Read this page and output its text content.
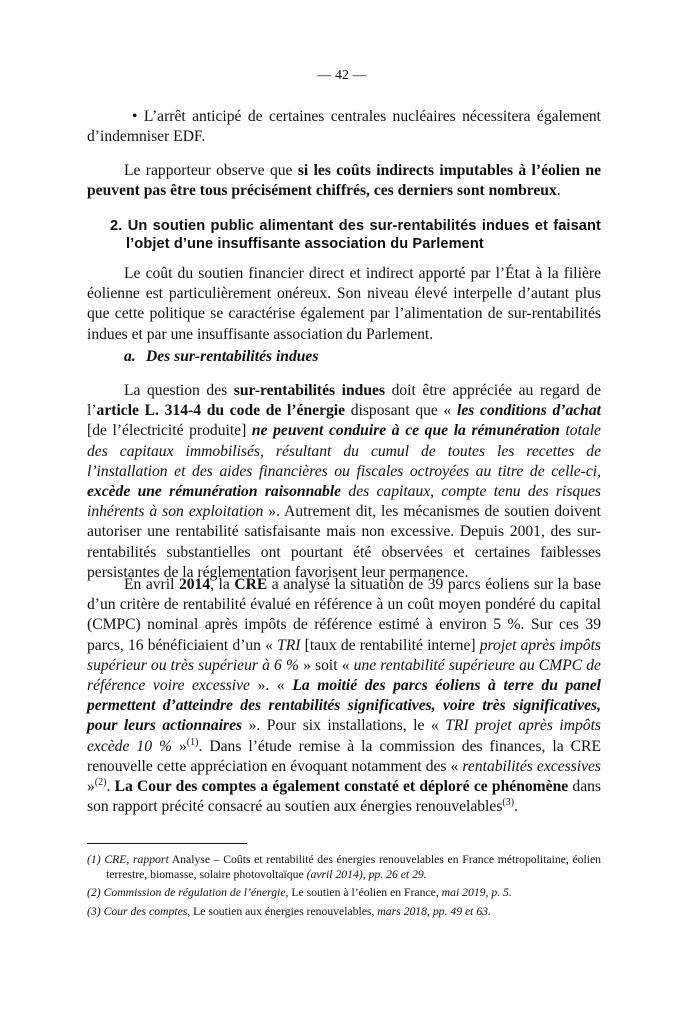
— 42 —

• L’arrêt anticipé de certaines centrales nucléaires nécessitera également d’indemniser EDF.

Le rapporteur observe que si les coûts indirects imputables à l’éolien ne peuvent pas être tous précisément chiffrés, ces derniers sont nombreux.

2. Un soutien public alimentant des sur-rentabilités indues et faisant l’objet d’une insuffisante association du Parlement

Le coût du soutien financier direct et indirect apporté par l’État à la filière éolienne est particulièrement onéreux. Son niveau élevé interpelle d’autant plus que cette politique se caractérise également par l’alimentation de sur-rentabilités indues et par une insuffisante association du Parlement.

a. Des sur-rentabilités indues

La question des sur-rentabilités indues doit être appréciée au regard de l’article L. 314-4 du code de l’énergie disposant que « les conditions d’achat [de l’électricité produite] ne peuvent conduire à ce que la rémunération totale des capitaux immobilisés, résultant du cumul de toutes les recettes de l’installation et des aides financières ou fiscales octroyées au titre de celle-ci, excède une rémunération raisonnable des capitaux, compte tenu des risques inhérents à son exploitation ». Autrement dit, les mécanismes de soutien doivent autoriser une rentabilité satisfaisante mais non excessive. Depuis 2001, des sur-rentabilités substantielles ont pourtant été observées et certaines faiblesses persistantes de la réglementation favorisent leur permanence.

En avril 2014, la CRE a analysé la situation de 39 parcs éoliens sur la base d’un critère de rentabilité évalué en référence à un coût moyen pondéré du capital (CMPC) nominal après impôts de référence estimé à environ 5 %. Sur ces 39 parcs, 16 bénéficiaient d’un « TRI [taux de rentabilité interne] projet après impôts supérieur ou très supérieur à 6 % » soit « une rentabilité supérieure au CMPC de référence voire excessive ». « La moitié des parcs éoliens à terre du panel permettent d’atteindre des rentabilités significatives, voire très significatives, pour leurs actionnaires ». Pour six installations, le « TRI projet après impôts excède 10 % »$^{(1)}$. Dans l’étude remise à la commission des finances, la CRE renouvelle cette appréciation en évoquant notamment des « rentabilités excessives »$^{(2)}$. La Cour des comptes a également constaté et déploré ce phénomène dans son rapport précité consacré au soutien aux énergies renouvelables$^{(3)}$.

(1) CRE, rapport Analyse – Coûts et rentabilité des énergies renouvelables en France métropolitaine, éolien terrestre, biomasse, solaire photovoltaïque (avril 2014), pp. 26 et 29.

(2) Commission de régulation de l’énergie, Le soutien à l’éolien en France, mai 2019, p. 5.

(3) Cour des comptes, Le soutien aux énergies renouvelables, mars 2018, pp. 49 et 63.
